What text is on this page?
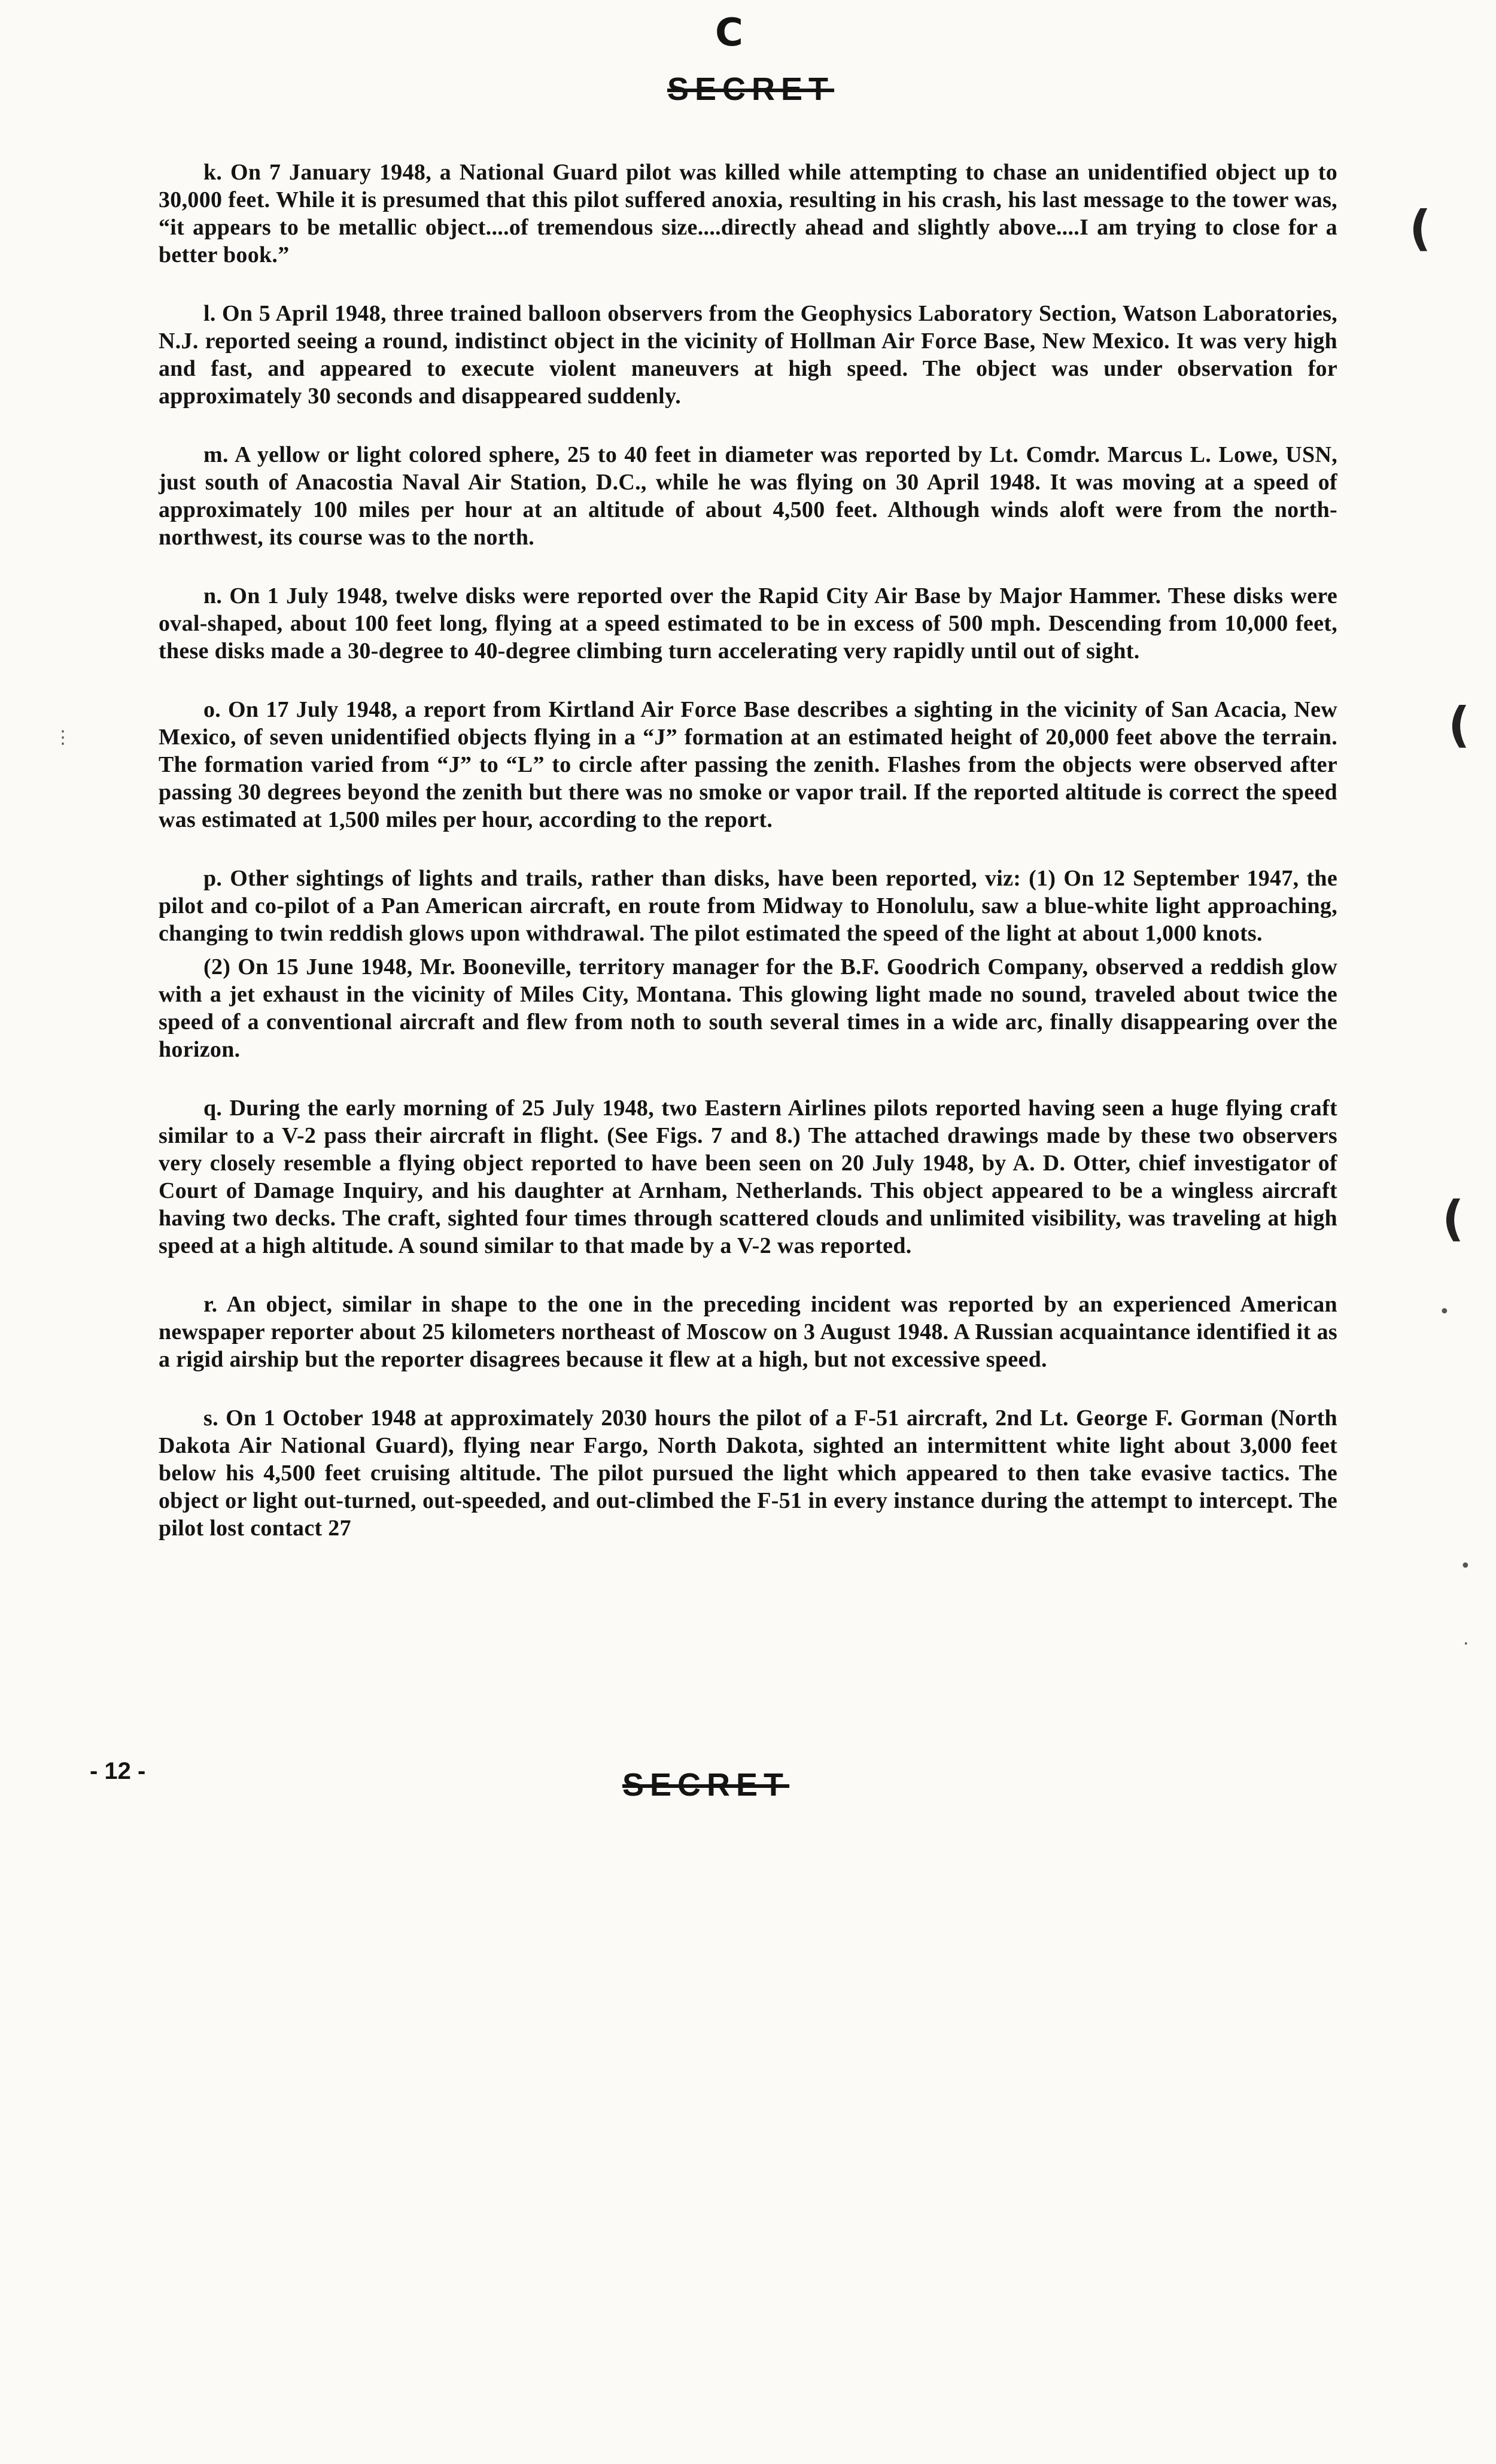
C
SECRET

k. On 7 January 1948, a National Guard pilot was killed while attempting to chase an unidentified object up to 30,000 feet. While it is presumed that this pilot suffered anoxia, resulting in his crash, his last message to the tower was, “it appears to be metallic object....of tremendous size....directly ahead and slightly above....I am trying to close for a better book.”

l. On 5 April 1948, three trained balloon observers from the Geophysics Laboratory Section, Watson Laboratories, N.J. reported seeing a round, indistinct object in the vicinity of Hollman Air Force Base, New Mexico. It was very high and fast, and appeared to execute violent maneuvers at high speed. The object was under observation for approximately 30 seconds and disappeared suddenly.

m. A yellow or light colored sphere, 25 to 40 feet in diameter was reported by Lt. Comdr. Marcus L. Lowe, USN, just south of Anacostia Naval Air Station, D.C., while he was flying on 30 April 1948. It was moving at a speed of approximately 100 miles per hour at an altitude of about 4,500 feet. Although winds aloft were from the north-northwest, its course was to the north.

n. On 1 July 1948, twelve disks were reported over the Rapid City Air Base by Major Hammer. These disks were oval-shaped, about 100 feet long, flying at a speed estimated to be in excess of 500 mph. Descending from 10,000 feet, these disks made a 30-degree to 40-degree climbing turn accelerating very rapidly until out of sight.

o. On 17 July 1948, a report from Kirtland Air Force Base describes a sighting in the vicinity of San Acacia, New Mexico, of seven unidentified objects flying in a “J” formation at an estimated height of 20,000 feet above the terrain. The formation varied from “J” to “L” to circle after passing the zenith. Flashes from the objects were observed after passing 30 degrees beyond the zenith but there was no smoke or vapor trail. If the reported altitude is correct the speed was estimated at 1,500 miles per hour, according to the report.

p. Other sightings of lights and trails, rather than disks, have been reported, viz: (1) On 12 September 1947, the pilot and co-pilot of a Pan American aircraft, en route from Midway to Honolulu, saw a blue-white light approaching, changing to twin reddish glows upon withdrawal. The pilot estimated the speed of the light at about 1,000 knots.

(2) On 15 June 1948, Mr. Booneville, territory manager for the B.F. Goodrich Company, observed a reddish glow with a jet exhaust in the vicinity of Miles City, Montana. This glowing light made no sound, traveled about twice the speed of a conventional aircraft and flew from noth to south several times in a wide arc, finally disappearing over the horizon.

q. During the early morning of 25 July 1948, two Eastern Airlines pilots reported having seen a huge flying craft similar to a V-2 pass their aircraft in flight. (See Figs. 7 and 8.) The attached drawings made by these two observers very closely resemble a flying object reported to have been seen on 20 July 1948, by A. D. Otter, chief investigator of Court of Damage Inquiry, and his daughter at Arnham, Netherlands. This object appeared to be a wingless aircraft having two decks. The craft, sighted four times through scattered clouds and unlimited visibility, was traveling at high speed at a high altitude. A sound similar to that made by a V-2 was reported.

r. An object, similar in shape to the one in the preceding incident was reported by an experienced American newspaper reporter about 25 kilometers northeast of Moscow on 3 August 1948. A Russian acquaintance identified it as a rigid airship but the reporter disagrees because it flew at a high, but not excessive speed.

s. On 1 October 1948 at approximately 2030 hours the pilot of a F-51 aircraft, 2nd Lt. George F. Gorman (North Dakota Air National Guard), flying near Fargo, North Dakota, sighted an intermittent white light about 3,000 feet below his 4,500 feet cruising altitude. The pilot pursued the light which appeared to then take evasive tactics. The object or light out-turned, out-speeded, and out-climbed the F-51 in every instance during the attempt to intercept. The pilot lost contact 27

- 12 -	SECRET
(
(
(
⋮
•
•
·
